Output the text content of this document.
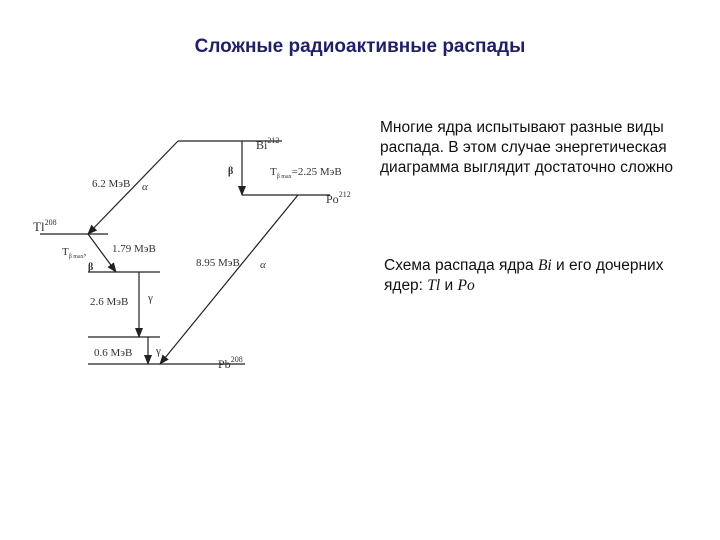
Сложные радиоактивные распады
Bi$^{212}$
Po$^{212}$
Tl$^{208}$
Pb$^{208}$
6.2 МэВ
$T_{\beta max}=2.25$ МэВ
$T_{\beta max}$, 1.79 МэВ
8.95 МэВ
2.6 МэВ
0.6 МэВ
α
β
β	α
γ
γ
Многие ядра испытывают разные виды распада. В этом случае энергетическая диаграмма выглядит достаточно сложно
Схема распада ядра Bi и его дочерних ядер: Tl и Po
